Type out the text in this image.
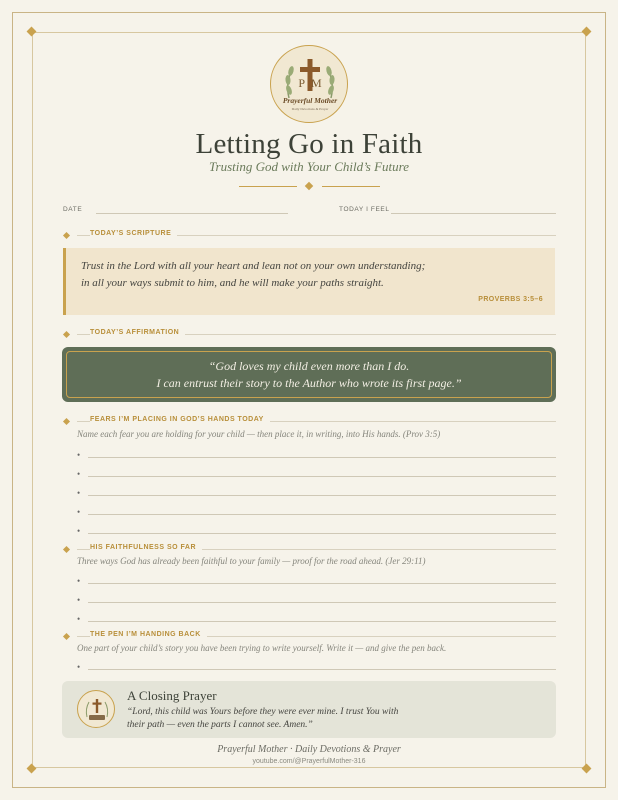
PM
Prayerful Mother
Daily Devotions & Prayer
Letting Go in Faith
Trusting God with Your Child’s Future
DATE	TODAY I FEEL
TODAY’S SCRIPTURE
Trust in the Lord with all your heart and lean not on your own understanding;
in all your ways submit to him, and he will make your paths straight.
PROVERBS 3:5–6
TODAY’S AFFIRMATION
“God loves my child even more than I do.
I can entrust their story to the Author who wrote its first page.”
FEARS I’M PLACING IN GOD’S HANDS TODAY
Name each fear you are holding for your child — then place it, in writing, into His hands. (Prov 3:5)
•
•
•
•
•
HIS FAITHFULNESS SO FAR
Three ways God has already been faithful to your family — proof for the road ahead. (Jer 29:11)
•
•
•
THE PEN I’M HANDING BACK
One part of your child’s story you have been trying to write yourself. Write it — and give the pen back.
•
A Closing Prayer
“Lord, this child was Yours before they were ever mine. I trust You with
their path — even the parts I cannot see. Amen.”
Prayerful Mother · Daily Devotions & Prayer
youtube.com/@PrayerfulMother-316
